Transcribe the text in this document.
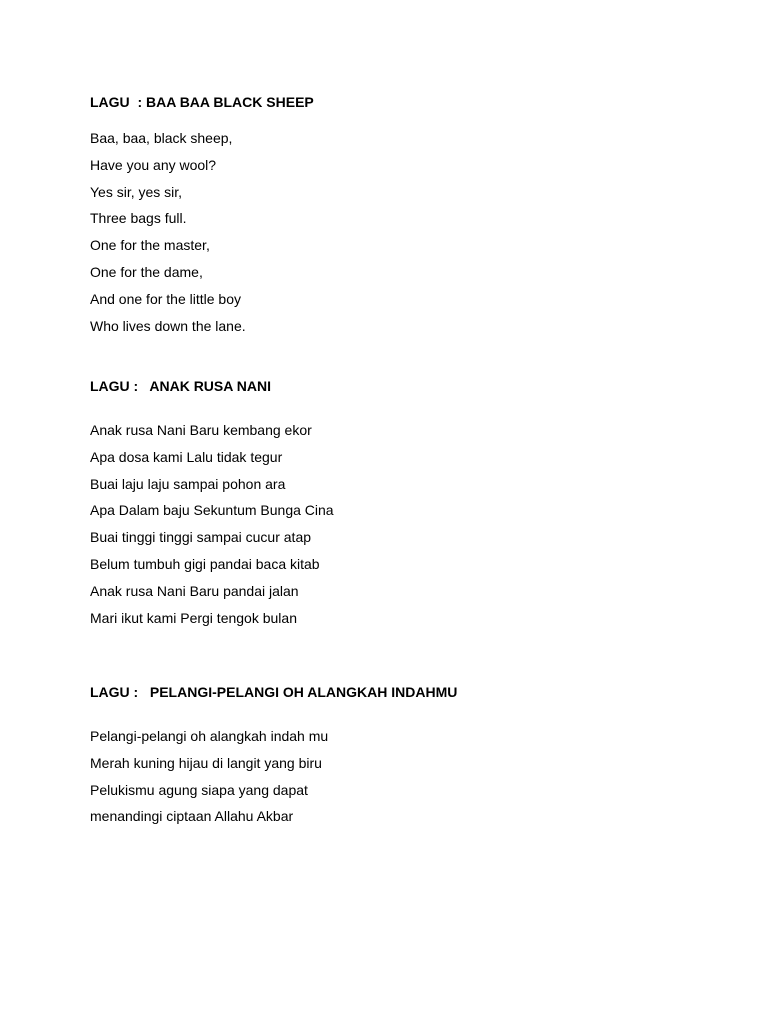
LAGU  : BAA BAA BLACK SHEEP
Baa, baa, black sheep,
Have you any wool?
Yes sir, yes sir,
Three bags full.
One for the master,
One for the dame,
And one for the little boy
Who lives down the lane.
LAGU :   ANAK RUSA NANI
Anak rusa Nani Baru kembang ekor
Apa dosa kami Lalu tidak tegur
Buai laju laju sampai pohon ara
Apa Dalam baju Sekuntum Bunga Cina
Buai tinggi tinggi sampai cucur atap
Belum tumbuh gigi pandai baca kitab
Anak rusa Nani Baru pandai jalan
Mari ikut kami Pergi tengok bulan
LAGU :   PELANGI-PELANGI OH ALANGKAH INDAHMU
Pelangi-pelangi oh alangkah indah mu
Merah kuning hijau di langit yang biru
Pelukismu agung siapa yang dapat
menandingi ciptaan Allahu Akbar
